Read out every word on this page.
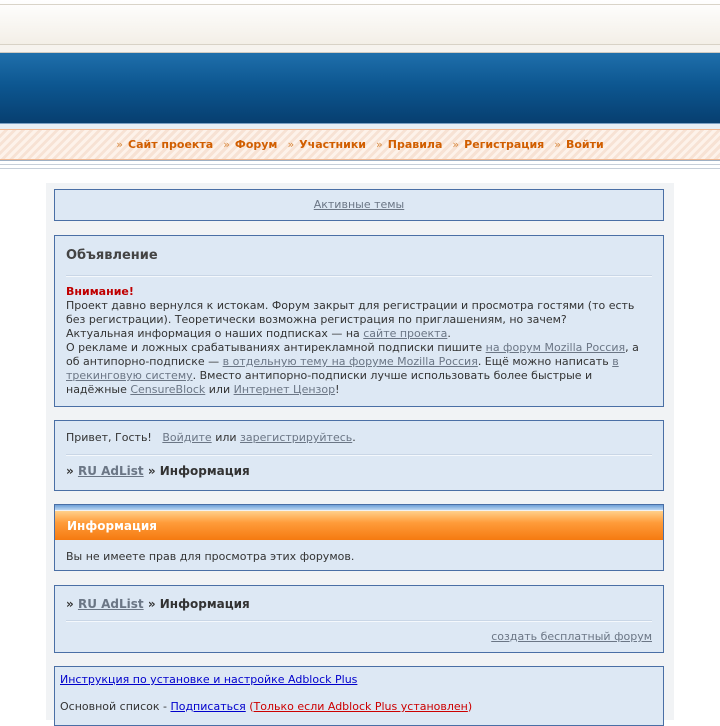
» Сайт проекта » Форум » Участники » Правила » Регистрация » Войти
Активные темы
Объявление
Внимание!
Проект давно вернулся к истокам. Форум закрыт для регистрации и просмотра гостями (то есть без регистрации). Теоретически возможна регистрация по приглашениям, но зачем?
Актуальная информация о наших подписках — на сайте проекта.
О рекламе и ложных срабатываниях антирекламной подписки пишите на форум Mozilla Россия, а об антипорно-подписке — в отдельную тему на форуме Mozilla Россия. Ещё можно написать в трекинговую систему. Вместо антипорно-подписки лучше использовать более быстрые и надёжные CensureBlock или Интернет Цензор!
Привет, Гость! Войдите или зарегистрируйтесь.
» RU AdList » Информация
Информация
Вы не имеете прав для просмотра этих форумов.
» RU AdList » Информация
создать бесплатный форум
Инструкция по установке и настройке Adblock Plus
Основной список - Подписаться (Только если Adblock Plus установлен)
